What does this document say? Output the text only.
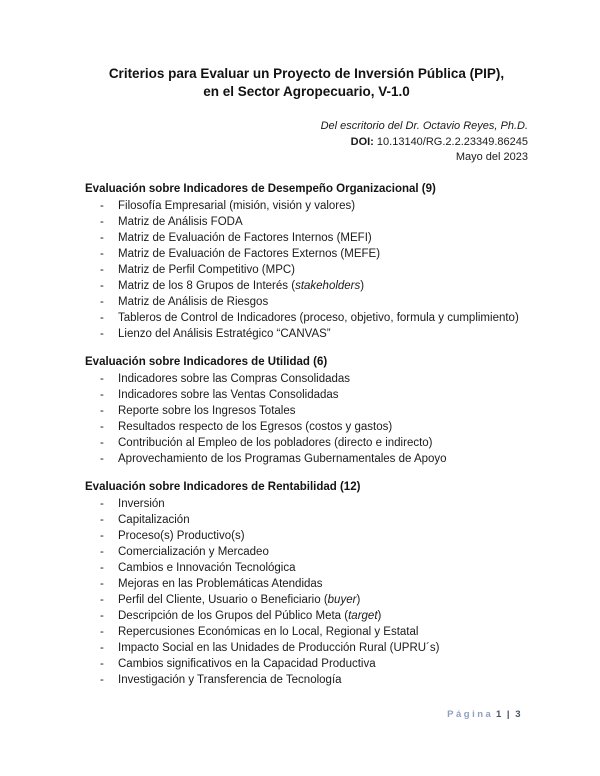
Criterios para Evaluar un Proyecto de Inversión Pública (PIP),
en el Sector Agropecuario, V-1.0
Del escritorio del Dr. Octavio Reyes, Ph.D.
DOI: 10.13140/RG.2.2.23349.86245
Mayo del 2023
Evaluación sobre Indicadores de Desempeño Organizacional (9)
- Filosofía Empresarial (misión, visión y valores)
- Matriz de Análisis FODA
- Matriz de Evaluación de Factores Internos (MEFI)
- Matriz de Evaluación de Factores Externos (MEFE)
- Matriz de Perfil Competitivo (MPC)
- Matriz de los 8 Grupos de Interés (stakeholders)
- Matriz de Análisis de Riesgos
- Tableros de Control de Indicadores (proceso, objetivo, formula y cumplimiento)
- Lienzo del Análisis Estratégico “CANVAS”
Evaluación sobre Indicadores de Utilidad (6)
- Indicadores sobre las Compras Consolidadas
- Indicadores sobre las Ventas Consolidadas
- Reporte sobre los Ingresos Totales
- Resultados respecto de los Egresos (costos y gastos)
- Contribución al Empleo de los pobladores (directo e indirecto)
- Aprovechamiento de los Programas Gubernamentales de Apoyo
Evaluación sobre Indicadores de Rentabilidad (12)
- Inversión
- Capitalización
- Proceso(s) Productivo(s)
- Comercialización y Mercadeo
- Cambios e Innovación Tecnológica
- Mejoras en las Problemáticas Atendidas
- Perfil del Cliente, Usuario o Beneficiario (buyer)
- Descripción de los Grupos del Público Meta (target)
- Repercusiones Económicas en lo Local, Regional y Estatal
- Impacto Social en las Unidades de Producción Rural (UPRU´s)
- Cambios significativos en la Capacidad Productiva
- Investigación y Transferencia de Tecnología
Página 1 | 3
